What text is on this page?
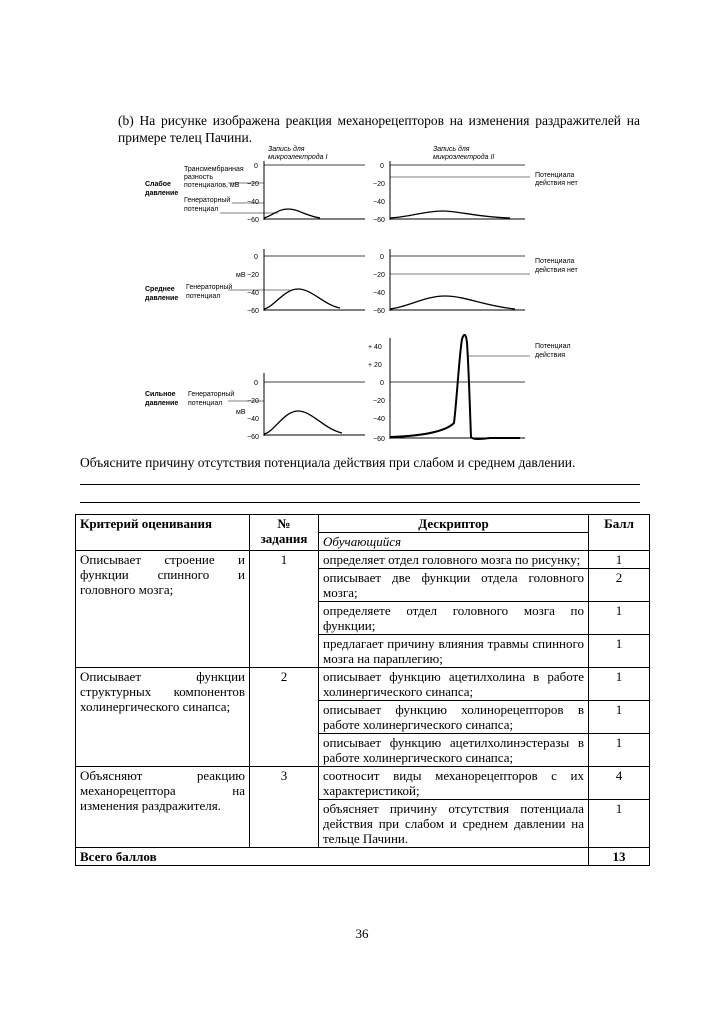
(b) На рисунке изображена реакция механорецепторов на изменения раздражителей на примере телец Пачини.
Запись для
микроэлектрода I
Запись для
микроэлектрода II
Слабое
давление
Трансмембранная
разность
потенциалов, мВ
Генераторный
потенциал
0
−20
−40
−60
0
−20
−40
−60
Потенциала
действия нет
Среднее
давление
мВ
Генераторный
потенциал
0
−20
−40
−60
0
−20
−40
−60
Потенциала
действия нет
Сильное
давление
Генераторный
потенциал
мВ
0
−20
−40
−60
+ 40
+ 20
0
−20
−40
−60
Потенциал
действия
Объясните причину отсутствия потенциала действия при слабом и среднем давлении.
Критерий оценивания	№ задания	Дескриптор	Балл
		Обучающийся	
Описывает строение и функции спинного и головного мозга;	1	определяет отдел головного мозга по рисунку;	1
		описывает две функции отдела головного мозга;	2
		определяете отдел головного мозга по функции;	1
		предлагает причину влияния травмы спинного мозга на параплегию;	1
Описывает функции структурных компонентов холинергического синапса;	2	описывает функцию ацетилхолина в работе холинергического синапса;	1
		описывает функцию холинорецепторов в работе холинергического синапса;	1
		описывает функцию ацетилхолинэстеразы в работе холинергического синапса;	1
Объясняют реакцию механорецептора на изменения раздражителя.	3	соотносит виды механорецепторов с их характеристикой;	4
		объясняет причину отсутствия потенциала действия при слабом и среднем давлении на тельце Пачини.	1
Всего баллов			13
36
